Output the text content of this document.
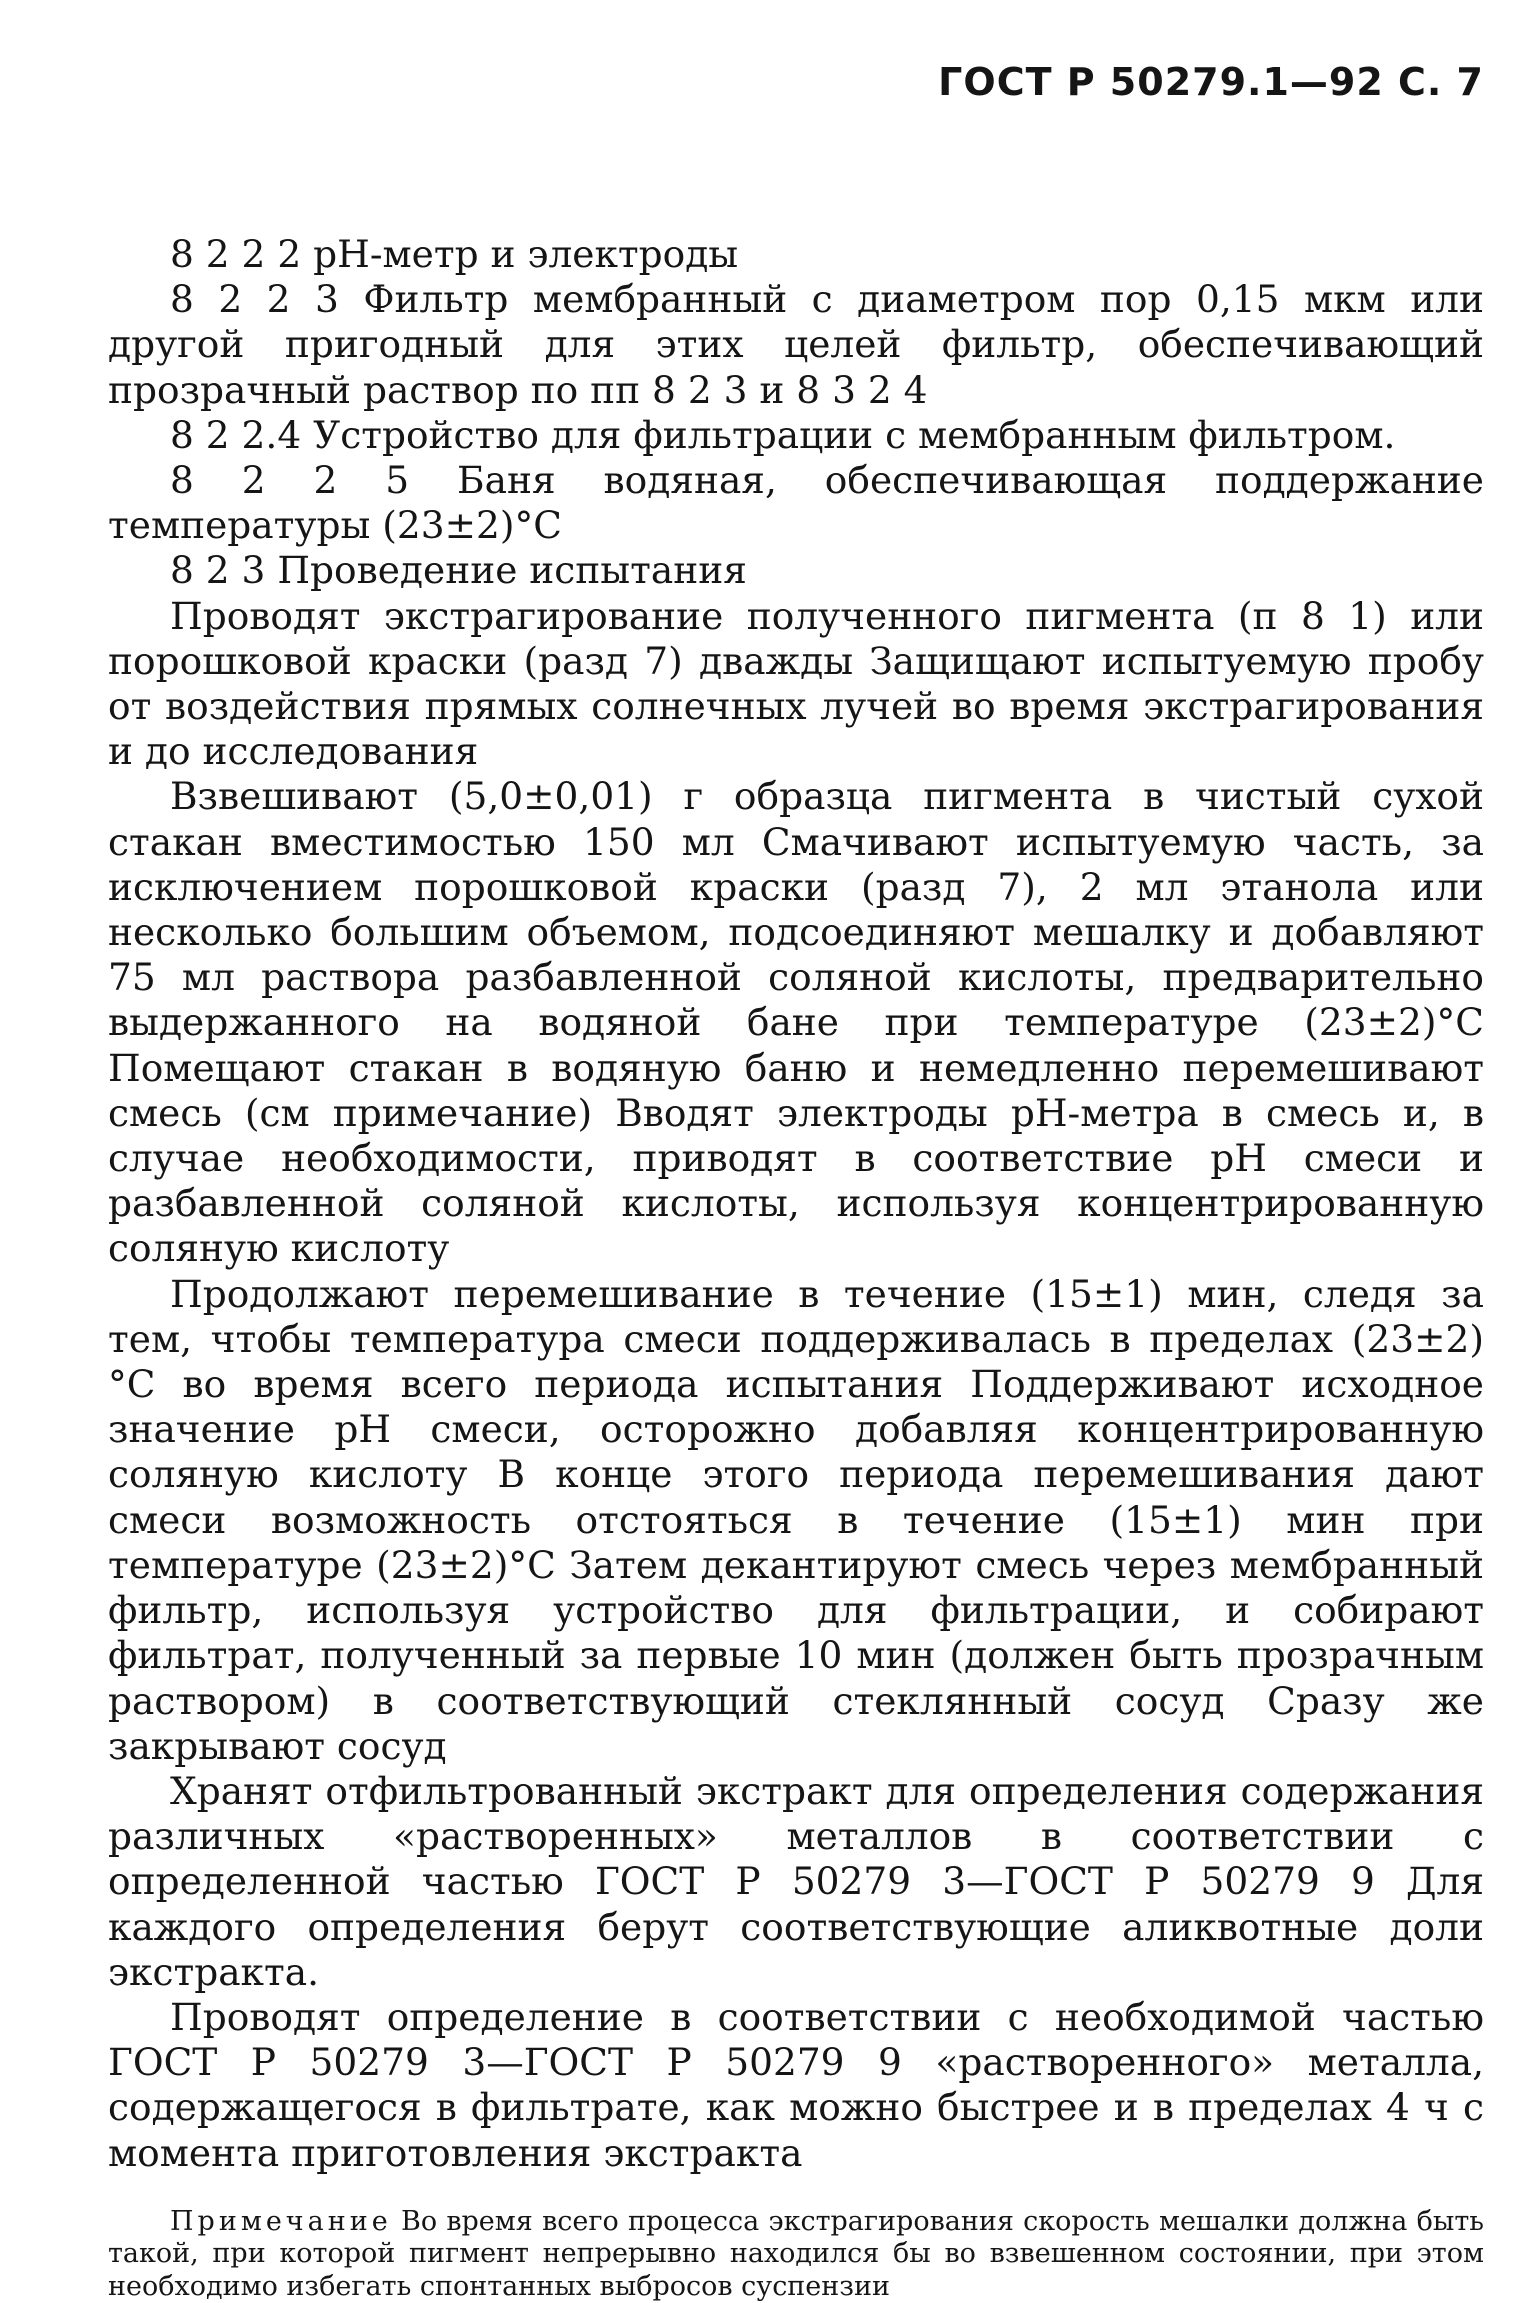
ГОСТ Р 50279.1—92 С. 7

8 2 2 2 рН-метр и электроды

8 2 2 3 Фильтр мембранный с диаметром пор 0,15 мкм или другой пригодный для этих целей фильтр, обеспечивающий прозрачный раствор по пп 8 2 3 и 8 3 2 4

8 2 2.4 Устройство для фильтрации с мембранным фильтром.

8 2 2 5 Баня водяная, обеспечивающая поддержание температуры (23±2)°С

8 2 3 Проведение испытания

Проводят экстрагирование полученного пигмента (п 8 1) или порошковой краски (разд 7) дважды Защищают испытуемую пробу от воздействия прямых солнечных лучей во время экстрагирования и до исследования

Взвешивают (5,0±0,01) г образца пигмента в чистый сухой стакан вместимостью 150 мл Смачивают испытуемую часть, за исключением порошковой краски (разд 7), 2 мл этанола или несколько большим объемом, подсоединяют мешалку и добавляют 75 мл раствора разбавленной соляной кислоты, предварительно выдержанного на водяной бане при температуре (23±2)°С Помещают стакан в водяную баню и немедленно перемешивают смесь (см примечание) Вводят электроды рН-метра в смесь и, в случае необходимости, приводят в соответствие рН смеси и разбавленной соляной кислоты, используя концентрированную соляную кислоту

Продолжают перемешивание в течение (15±1) мин, следя за тем, чтобы температура смеси поддерживалась в пределах (23±2)°С во время всего периода испытания Поддерживают исходное значение рН смеси, осторожно добавляя концентрированную соляную кислоту В конце этого периода перемешивания дают смеси возможность отстояться в течение (15±1) мин при температуре (23±2)°С Затем декантируют смесь через мембранный фильтр, используя устройство для фильтрации, и собирают фильтрат, полученный за первые 10 мин (должен быть прозрачным раствором) в соответствующий стеклянный сосуд Сразу же закрывают сосуд

Хранят отфильтрованный экстракт для определения содержания различных «растворенных» металлов в соответствии с определенной частью ГОСТ Р 50279 3—ГОСТ Р 50279 9 Для каждого определения берут соответствующие аликвотные доли экстракта.

Проводят определение в соответствии с необходимой частью ГОСТ Р 50279 3—ГОСТ Р 50279 9 «растворенного» металла, содержащегося в фильтрате, как можно быстрее и в пределах 4 ч с момента приготовления экстракта

Примечание Во время всего процесса экстрагирования скорость мешалки должна быть такой, при которой пигмент непрерывно находился бы во взвешенном состоянии, при этом необходимо избегать спонтанных выбросов суспензии
